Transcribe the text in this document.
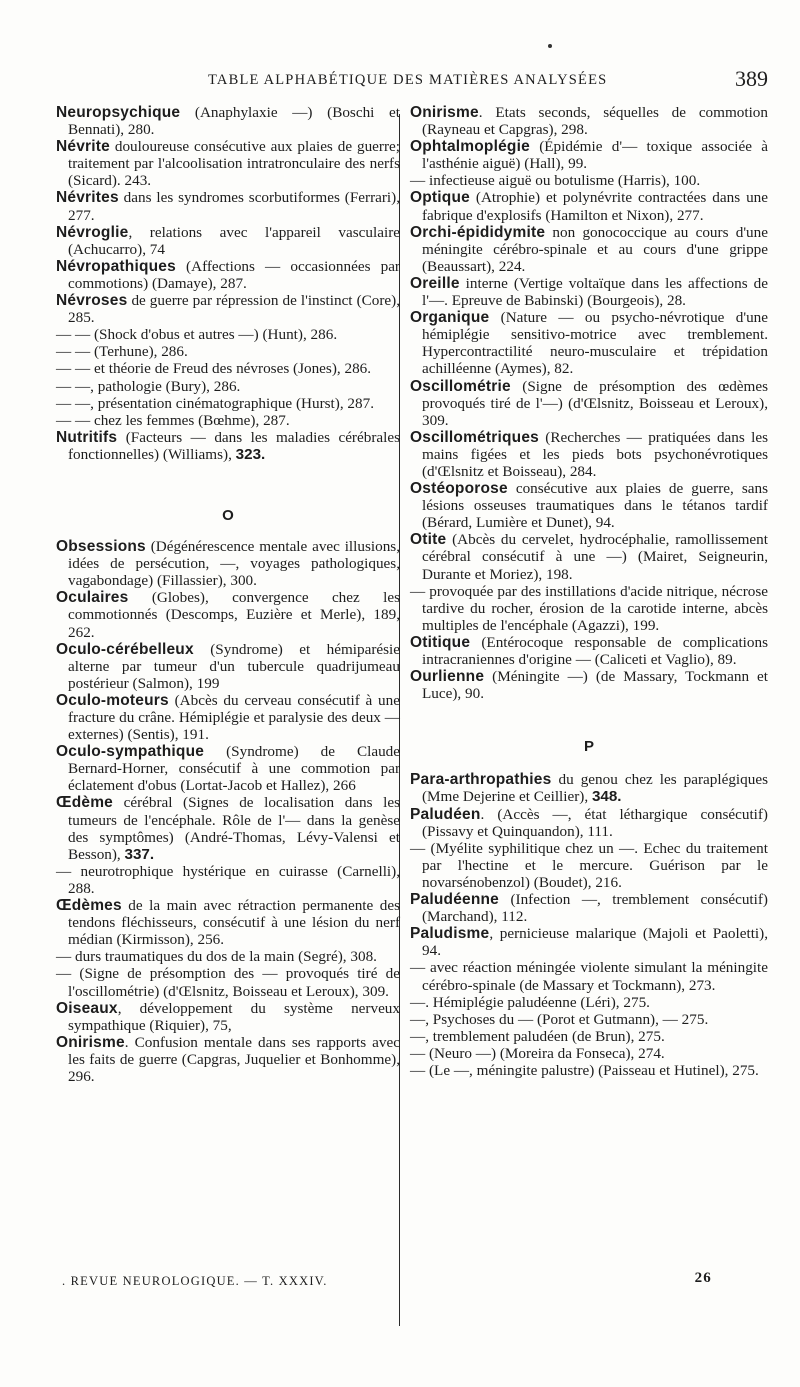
TABLE ALPHABÉTIQUE DES MATIÈRES ANALYSÉES	389

Neuropsychique (Anaphylaxie —) (Boschi et Bennati), 280.

Névrite douloureuse consécutive aux plaies de guerre; traitement par l'alcoolisation intratronculaire des nerfs (Sicard). 243.

Névrites dans les syndromes scorbutiformes (Ferrari), 277.

Névroglie, relations avec l'appareil vasculaire (Achucarro), 74

Névropathiques (Affections — occasionnées par commotions) (Damaye), 287.

Névroses de guerre par répression de l'instinct (Core), 285.

— — (Shock d'obus et autres —) (Hunt), 286.

— — (Terhune), 286.

— — et théorie de Freud des névroses (Jones), 286.

— —, pathologie (Bury), 286.

— —, présentation cinématographique (Hurst), 287.

— — chez les femmes (Bœhme), 287.

Nutritifs (Facteurs — dans les maladies cérébrales fonctionnelles) (Williams), 323.

O

Obsessions (Dégénérescence mentale avec illusions, idées de persécution, —, voyages pathologiques, vagabondage) (Fillassier), 300.

Oculaires (Globes), convergence chez les commotionnés (Descomps, Euzière et Merle), 189, 262.

Oculo-cérébelleux (Syndrome) et hémiparésie alterne par tumeur d'un tubercule quadrijumeau postérieur (Salmon), 199

Oculo-moteurs (Abcès du cerveau consécutif à une fracture du crâne. Hémiplégie et paralysie des deux — externes) (Sentis), 191.

Oculo-sympathique (Syndrome) de Claude Bernard-Horner, consécutif à une commotion par éclatement d'obus (Lortat-Jacob et Hallez), 266

Œdème cérébral (Signes de localisation dans les tumeurs de l'encéphale. Rôle de l'— dans la genèse des symptômes) (André-Thomas, Lévy-Valensi et Besson), 337.

— neurotrophique hystérique en cuirasse (Carnelli), 288.

Œdèmes de la main avec rétraction permanente des tendons fléchisseurs, consécutif à une lésion du nerf médian (Kirmisson), 256.

— durs traumatiques du dos de la main (Segré), 308.

— (Signe de présomption des — provoqués tiré de l'oscillométrie) (d'Œlsnitz, Boisseau et Leroux), 309.

Oiseaux, développement du système nerveux sympathique (Riquier), 75,

Onirisme. Confusion mentale dans ses rapports avec les faits de guerre (Capgras, Juquelier et Bonhomme), 296.

Onirisme. Etats seconds, séquelles de commotion (Rayneau et Capgras), 298.

Ophtalmoplégie (Épidémie d'— toxique associée à l'asthénie aiguë) (Hall), 99.

— infectieuse aiguë ou botulisme (Harris), 100.

Optique (Atrophie) et polynévrite contractées dans une fabrique d'explosifs (Hamilton et Nixon), 277.

Orchi-épididymite non gonococcique au cours d'une méningite cérébro-spinale et au cours d'une grippe (Beaussart), 224.

Oreille interne (Vertige voltaïque dans les affections de l'—. Epreuve de Babinski) (Bourgeois), 28.

Organique (Nature — ou psycho-névrotique d'une hémiplégie sensitivo-motrice avec tremblement. Hypercontractilité neuro-musculaire et trépidation achilléenne (Aymes), 82.

Oscillométrie (Signe de présomption des œdèmes provoqués tiré de l'—) (d'Œlsnitz, Boisseau et Leroux), 309.

Oscillométriques (Recherches — pratiquées dans les mains figées et les pieds bots psychonévrotiques (d'Œlsnitz et Boisseau), 284.

Ostéoporose consécutive aux plaies de guerre, sans lésions osseuses traumatiques dans le tétanos tardif (Bérard, Lumière et Dunet), 94.

Otite (Abcès du cervelet, hydrocéphalie, ramollissement cérébral consécutif à une —) (Mairet, Seigneurin, Durante et Moriez), 198.

— provoquée par des instillations d'acide nitrique, nécrose tardive du rocher, érosion de la carotide interne, abcès multiples de l'encéphale (Agazzi), 199.

Otitique (Entérocoque responsable de complications intracraniennes d'origine — (Caliceti et Vaglio), 89.

Ourlienne (Méningite —) (de Massary, Tockmann et Luce), 90.

P

Para-arthropathies du genou chez les paraplégiques (Mme Dejerine et Ceillier), 348.

Paludéen. (Accès —, état léthargique consécutif) (Pissavy et Quinquandon), 111.

— (Myélite syphilitique chez un —. Echec du traitement par l'hectine et le mercure. Guérison par le novarsénobenzol) (Boudet), 216.

Paludéenne (Infection —, tremblement consécutif) (Marchand), 112.

Paludisme, pernicieuse malarique (Majoli et Paoletti), 94.

— avec réaction méningée violente simulant la méningite cérébro-spinale (de Massary et Tockmann), 273.

—. Hémiplégie paludéenne (Léri), 275.

—, Psychoses du — (Porot et Gutmann), — 275.

—, tremblement paludéen (de Brun), 275.

— (Neuro —) (Moreira da Fonseca), 274.

— (Le —, méningite palustre) (Paisseau et Hutinel), 275.

. REVUE NEUROLOGIQUE. — T. XXXIV.	26
